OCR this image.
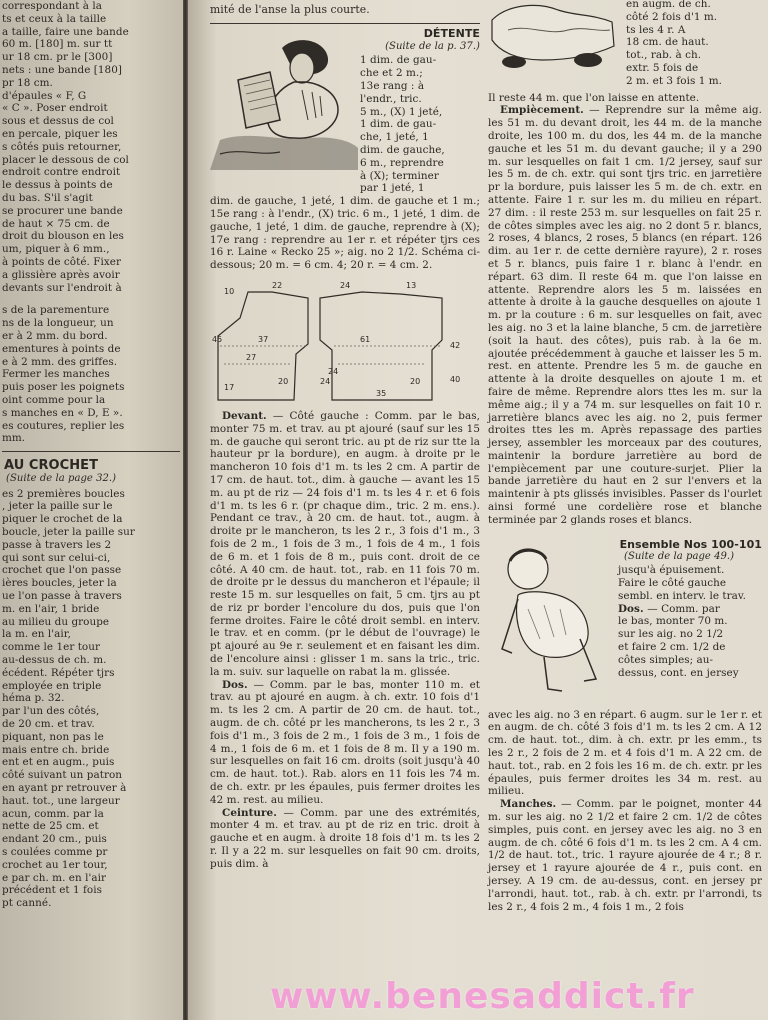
correspondant à la
ts et ceux à la taille
a taille, faire une bande
60 m. [180] m. sur tt
ur 18 cm. pr le [300]
nets : une bande [180]
pr 18 cm.
d'épaules « F, G
« C ». Poser endroit
sous et dessus de col
en percale, piquer les
s côtés puis retourner,
placer le dessous de col
endroit contre endroit
le dessus à points de
du bas. S'il s'agit
se procurer une bande
de haut × 75 cm. de
droit du blouson en les
um, piquer à 6 mm.,
à points de côté. Fixer
a glissière après avoir
devants sur l'endroit à
s de la parementure
ns de la longueur, un
er à 2 mm. du bord.
ementures à points de
e à 2 mm. des griffes.
Fermer les manches
puis poser les poignets
oint comme pour la
s manches en « D, E ».
es coutures, replier les
mm.
AU CROCHET
(Suite de la page 32.)
es 2 premières boucles
, jeter la paille sur le
piquer le crochet de la
boucle, jeter la paille sur
passe à travers les 2
qui sont sur celui-ci,
crochet que l'on passe
ières boucles, jeter la
ue l'on passe à travers
m. en l'air, 1 bride
au milieu du groupe
la m. en l'air,
comme le 1er tour
au-dessus de ch. m.
écédent. Répéter tjrs
employée en triple
héma p. 32.
par l'un des côtés,
de 20 cm. et trav.
piquant, non pas le
mais entre ch. bride
ent et en augm., puis
côté suivant un patron
en ayant pr retrouver à
haut. tot., une largeur
acun, comm. par la
nette de 25 cm. et
endant 20 cm., puis
s coulées comme pr
crochet au 1er tour,
e par ch. m. en l'air
précédent et 1 fois
pt canné.

mité de l'anse la plus courte.

DÉTENTE
(Suite de la p. 37.)
1 dim. de gau-
che et 2 m.;
13e rang : à
l'endr., tric.
5 m., (X) 1 jeté,
1 dim. de gau-
che, 1 jeté, 1
dim. de gauche,
6 m., reprendre
à (X); terminer
par 1 jeté, 1

dim. de gauche, 1 jeté, 1 dim. de gauche et 1 m.; 15e rang : à l'endr., (X) tric. 6 m., 1 jeté, 1 dim. de gauche, 1 jeté, 1 dim. de gauche, reprendre à (X); 17e rang : reprendre au 1er r. et répéter tjrs ces 16 r. Laine « Recko 25 »; aig. no 2 1/2. Schéma ci-dessous; 20 m. = 6 cm. 4; 20 r. = 4 cm. 2.

10
22	24	13
45	37	61
27
42
17
20	24	20	40
24
35

Devant. — Côté gauche : Comm. par le bas, monter 75 m. et trav. au pt ajouré (sauf sur les 15 m. de gauche qui seront tric. au pt de riz sur tte la hauteur pr la bordure), en augm. à droite pr le mancheron 10 fois d'1 m. ts les 2 cm. A partir de 17 cm. de haut. tot., dim. à gauche — avant les 15 m. au pt de riz — 24 fois d'1 m. ts les 4 r. et 6 fois d'1 m. ts les 6 r. (pr chaque dim., tric. 2 m. ens.). Pendant ce trav., à 20 cm. de haut. tot., augm. à droite pr le mancheron, ts les 2 r., 3 fois d'1 m., 3 fois de 2 m., 1 fois de 3 m., 1 fois de 4 m., 1 fois de 6 m. et 1 fois de 8 m., puis cont. droit de ce côté. A 40 cm. de haut. tot., rab. en 11 fois 70 m. de droite pr le dessus du mancheron et l'épaule; il reste 15 m. sur lesquelles on fait, 5 cm. tjrs au pt de riz pr border l'encolure du dos, puis que l'on ferme droites. Faire le côté droit sembl. en interv. le trav. et en comm. (pr le début de l'ouvrage) le pt ajouré au 9e r. seulement et en faisant les dim. de l'encolure ainsi : glisser 1 m. sans la tric., tric. la m. suiv. sur laquelle on rabat la m. glissée.

Dos. — Comm. par le bas, monter 110 m. et trav. au pt ajouré en augm. à ch. extr. 10 fois d'1 m. ts les 2 cm. A partir de 20 cm. de haut. tot., augm. de ch. côté pr les mancherons, ts les 2 r., 3 fois d'1 m., 3 fois de 2 m., 1 fois de 3 m., 1 fois de 4 m., 1 fois de 6 m. et 1 fois de 8 m. Il y a 190 m. sur lesquelles on fait 16 cm. droits (soit jusqu'à 40 cm. de haut. tot.). Rab. alors en 11 fois les 74 m. de ch. extr. pr les épaules, puis fermer droites les 42 m. rest. au milieu.

Ceinture. — Comm. par une des extrémités, monter 4 m. et trav. au pt de riz en tric. droit à gauche et en augm. à droite 18 fois d'1 m. ts les 2 r. Il y a 22 m. sur lesquelles on fait 90 cm. droits, puis dim. à

en augm. de ch.
côté 2 fois d'1 m.
ts les 4 r. A
18 cm. de haut.
tot., rab. à ch.
extr. 5 fois de
2 m. et 3 fois 1 m.

Il reste 44 m. que l'on laisse en attente.

Empiècement. — Reprendre sur la même aig. les 51 m. du devant droit, les 44 m. de la manche droite, les 100 m. du dos, les 44 m. de la manche gauche et les 51 m. du devant gauche; il y a 290 m. sur lesquelles on fait 1 cm. 1/2 jersey, sauf sur les 5 m. de ch. extr. qui sont tjrs tric. en jarretière pr la bordure, puis laisser les 5 m. de ch. extr. en attente. Faire 1 r. sur les m. du milieu en répart. 27 dim. : il reste 253 m. sur lesquelles on fait 25 r. de côtes simples avec les aig. no 2 dont 5 r. blancs, 2 roses, 4 blancs, 2 roses, 5 blancs (en répart. 126 dim. au 1er r. de cette dernière rayure), 2 r. roses et 5 r. blancs, puis faire 1 r. blanc à l'endr. en répart. 63 dim. Il reste 64 m. que l'on laisse en attente. Reprendre alors les 5 m. laissées en attente à droite à la gauche desquelles on ajoute 1 m. pr la couture : 6 m. sur lesquelles on fait, avec les aig. no 3 et la laine blanche, 5 cm. de jarretière (soit la haut. des côtes), puis rab. à la 6e m. ajoutée précédemment à gauche et laisser les 5 m. rest. en attente. Prendre les 5 m. de gauche en attente à la droite desquelles on ajoute 1 m. et faire de même. Reprendre alors ttes les m. sur la même aig.; il y a 74 m. sur lesquelles on fait 10 r. jarretière blancs avec les aig. no 2, puis fermer droites ttes les m. Après repassage des parties jersey, assembler les morceaux par des coutures, maintenir la bordure jarretière au bord de l'empiècement par une couture-surjet. Plier la bande jarretière du haut en 2 sur l'envers et la maintenir à pts glissés invisibles. Passer ds l'ourlet ainsi formé une cordelière rose et blanche terminée par 2 glands roses et blancs.

Ensemble Nos 100-101
(Suite de la page 49.)
jusqu'à épuisement.
Faire le côté gauche
sembl. en interv. le trav.
Dos. — Comm. par
le bas, monter 70 m.
sur les aig. no 2 1/2
et faire 2 cm. 1/2 de
côtes simples; au-
dessus, cont. en jersey

avec les aig. no 3 en répart. 6 augm. sur le 1er r. et en augm. de ch. côté 3 fois d'1 m. ts les 2 cm. A 12 cm. de haut. tot., dim. à ch. extr. pr les emm., ts les 2 r., 2 fois de 2 m. et 4 fois d'1 m. A 22 cm. de haut. tot., rab. en 2 fois les 16 m. de ch. extr. pr les épaules, puis fermer droites les 34 m. rest. au milieu.

Manches. — Comm. par le poignet, monter 44 m. sur les aig. no 2 1/2 et faire 2 cm. 1/2 de côtes simples, puis cont. en jersey avec les aig. no 3 en augm. de ch. côté 6 fois d'1 m. ts les 2 cm. A 4 cm. 1/2 de haut. tot., tric. 1 rayure ajourée de 4 r.; 8 r. jersey et 1 rayure ajourée de 4 r., puis cont. en jersey. A 19 cm. de au-dessus, cont. en jersey pr l'arrondi, haut. tot., rab. à ch. extr. pr l'arrondi, ts les 2 r., 4 fois 2 m., 4 fois 1 m., 2 fois

www.benesaddict.fr
